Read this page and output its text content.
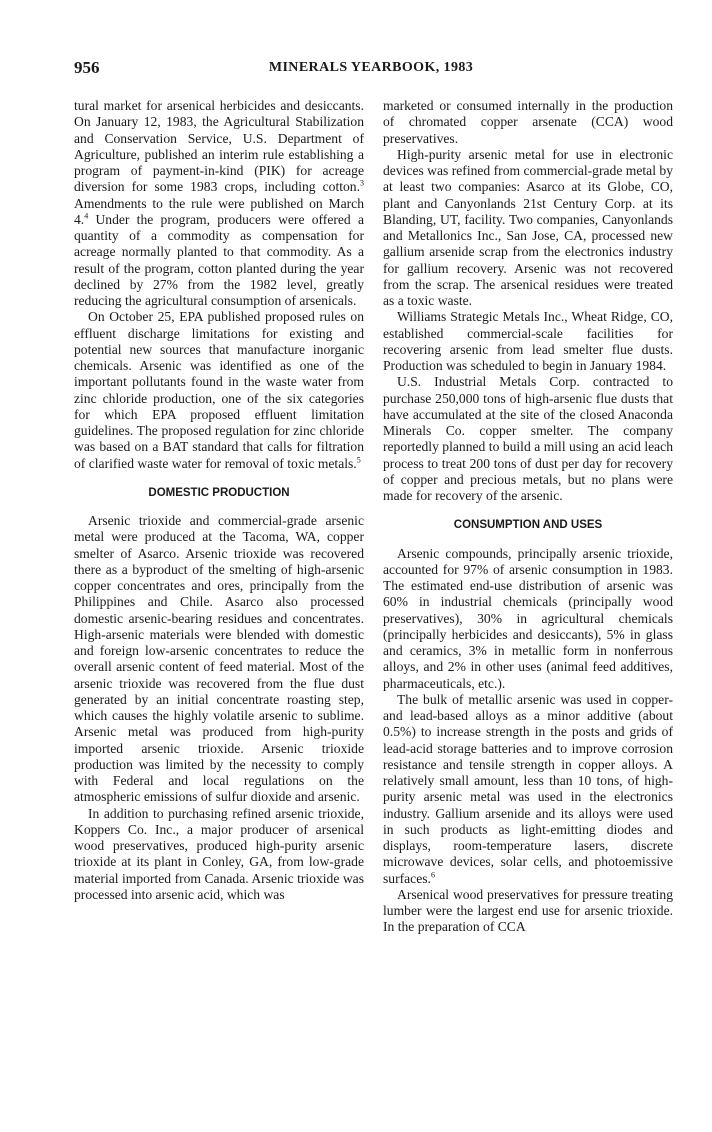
956	MINERALS YEARBOOK, 1983

tural market for arsenical herbicides and desiccants. On January 12, 1983, the Agricultural Stabilization and Conservation Service, U.S. Department of Agriculture, published an interim rule establishing a program of payment-in-kind (PIK) for acreage diversion for some 1983 crops, including cotton.$^3$ Amendments to the rule were published on March 4.$^4$ Under the program, producers were offered a quantity of a commodity as compensation for acreage normally planted to that commodity. As a result of the program, cotton planted during the year declined by 27% from the 1982 level, greatly reducing the agricultural consumption of arsenicals.

On October 25, EPA published proposed rules on effluent discharge limitations for existing and potential new sources that manufacture inorganic chemicals. Arsenic was identified as one of the important pollutants found in the waste water from zinc chloride production, one of the six categories for which EPA proposed effluent limitation guidelines. The proposed regulation for zinc chloride was based on a BAT standard that calls for filtration of clarified waste water for removal of toxic metals.$^5$

DOMESTIC PRODUCTION

Arsenic trioxide and commercial-grade arsenic metal were produced at the Tacoma, WA, copper smelter of Asarco. Arsenic trioxide was recovered there as a byproduct of the smelting of high-arsenic copper concentrates and ores, principally from the Philippines and Chile. Asarco also processed domestic arsenic-bearing residues and concentrates. High-arsenic materials were blended with domestic and foreign low-arsenic concentrates to reduce the overall arsenic content of feed material. Most of the arsenic trioxide was recovered from the flue dust generated by an initial concentrate roasting step, which causes the highly volatile arsenic to sublime. Arsenic metal was produced from high-purity imported arsenic trioxide. Arsenic trioxide production was limited by the necessity to comply with Federal and local regulations on the atmospheric emissions of sulfur dioxide and arsenic.

In addition to purchasing refined arsenic trioxide, Koppers Co. Inc., a major producer of arsenical wood preservatives, produced high-purity arsenic trioxide at its plant in Conley, GA, from low-grade material imported from Canada. Arsenic trioxide was processed into arsenic acid, which was

marketed or consumed internally in the production of chromated copper arsenate (CCA) wood preservatives.

High-purity arsenic metal for use in electronic devices was refined from commercial-grade metal by at least two companies: Asarco at its Globe, CO, plant and Canyonlands 21st Century Corp. at its Blanding, UT, facility. Two companies, Canyonlands and Metallonics Inc., San Jose, CA, processed new gallium arsenide scrap from the electronics industry for gallium recovery. Arsenic was not recovered from the scrap. The arsenical residues were treated as a toxic waste.

Williams Strategic Metals Inc., Wheat Ridge, CO, established commercial-scale facilities for recovering arsenic from lead smelter flue dusts. Production was scheduled to begin in January 1984.

U.S. Industrial Metals Corp. contracted to purchase 250,000 tons of high-arsenic flue dusts that have accumulated at the site of the closed Anaconda Minerals Co. copper smelter. The company reportedly planned to build a mill using an acid leach process to treat 200 tons of dust per day for recovery of copper and precious metals, but no plans were made for recovery of the arsenic.

CONSUMPTION AND USES

Arsenic compounds, principally arsenic trioxide, accounted for 97% of arsenic consumption in 1983. The estimated end-use distribution of arsenic was 60% in industrial chemicals (principally wood preservatives), 30% in agricultural chemicals (principally herbicides and desiccants), 5% in glass and ceramics, 3% in metallic form in nonferrous alloys, and 2% in other uses (animal feed additives, pharmaceuticals, etc.).

The bulk of metallic arsenic was used in copper- and lead-based alloys as a minor additive (about 0.5%) to increase strength in the posts and grids of lead-acid storage batteries and to improve corrosion resistance and tensile strength in copper alloys. A relatively small amount, less than 10 tons, of high-purity arsenic metal was used in the electronics industry. Gallium arsenide and its alloys were used in such products as light-emitting diodes and displays, room-temperature lasers, discrete microwave devices, solar cells, and photoemissive surfaces.$^6$

Arsenical wood preservatives for pressure treating lumber were the largest end use for arsenic trioxide. In the preparation of CCA
